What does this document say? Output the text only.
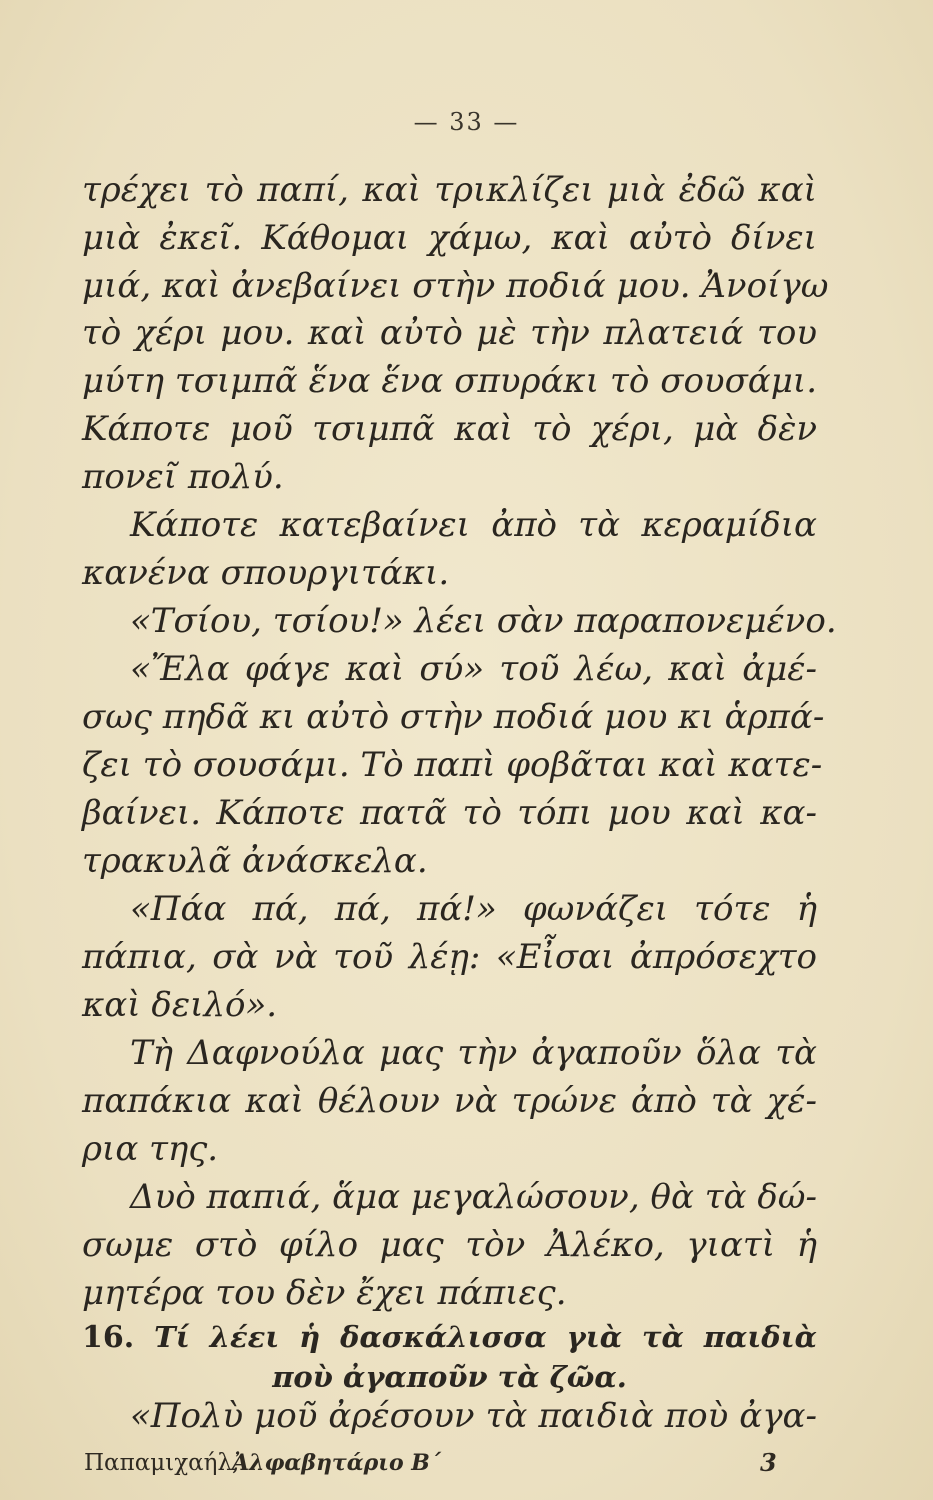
— 33 —
τρέχει τὸ παπί, καὶ τρικλίζει μιὰ ἐδῶ καὶ
μιὰ ἐκεῖ. Κάθομαι χάμω, καὶ αὐτὸ δίνει
μιά, καὶ ἀνεβαίνει στὴν ποδιά μου. Ἀνοίγω
τὸ χέρι μου. καὶ αὐτὸ μὲ τὴν πλατειά του
μύτη τσιμπᾶ ἕνα ἕνα σπυράκι τὸ σουσάμι.
Κάποτε μοῦ τσιμπᾶ καὶ τὸ χέρι, μὰ δὲν
πονεῖ πολύ.
Κάποτε κατεβαίνει ἀπὸ τὰ κεραμίδια
κανένα σπουργιτάκι.
«Τσίου, τσίου!» λέει σὰν παραπονεμένο.
«Ἔλα φάγε καὶ σύ» τοῦ λέω, καὶ ἀμέ-
σως πηδᾶ κι αὐτὸ στὴν ποδιά μου κι ἁρπά-
ζει τὸ σουσάμι. Τὸ παπὶ φοβᾶται καὶ κατε-
βαίνει. Κάποτε πατᾶ τὸ τόπι μου καὶ κα-
τρακυλᾶ ἀνάσκελα.
«Πάα πά, πά, πά!» φωνάζει τότε ἡ
πάπια, σὰ νὰ τοῦ λέῃ: «Εἶσαι ἀπρόσεχτο
καὶ δειλό».
Τὴ Δαφνούλα μας τὴν ἀγαποῦν ὅλα τὰ
παπάκια καὶ θέλουν νὰ τρώνε ἀπὸ τὰ χέ-
ρια της.
Δυὸ παπιά, ἅμα μεγαλώσουν, θὰ τὰ δώ-
σωμε στὸ φίλο μας τὸν Ἀλέκο, γιατὶ ἡ
μητέρα του δὲν ἔχει πάπιες.
16. Τί λέει ἡ δασκάλισσα γιὰ τὰ παιδιὰ
ποὺ ἀγαποῦν τὰ ζῶα.
«Πολὺ μοῦ ἀρέσουν τὰ παιδιὰ ποὺ ἀγα-
Παπαμιχαήλ,
Ἀλφαβητάριο Β΄	3
